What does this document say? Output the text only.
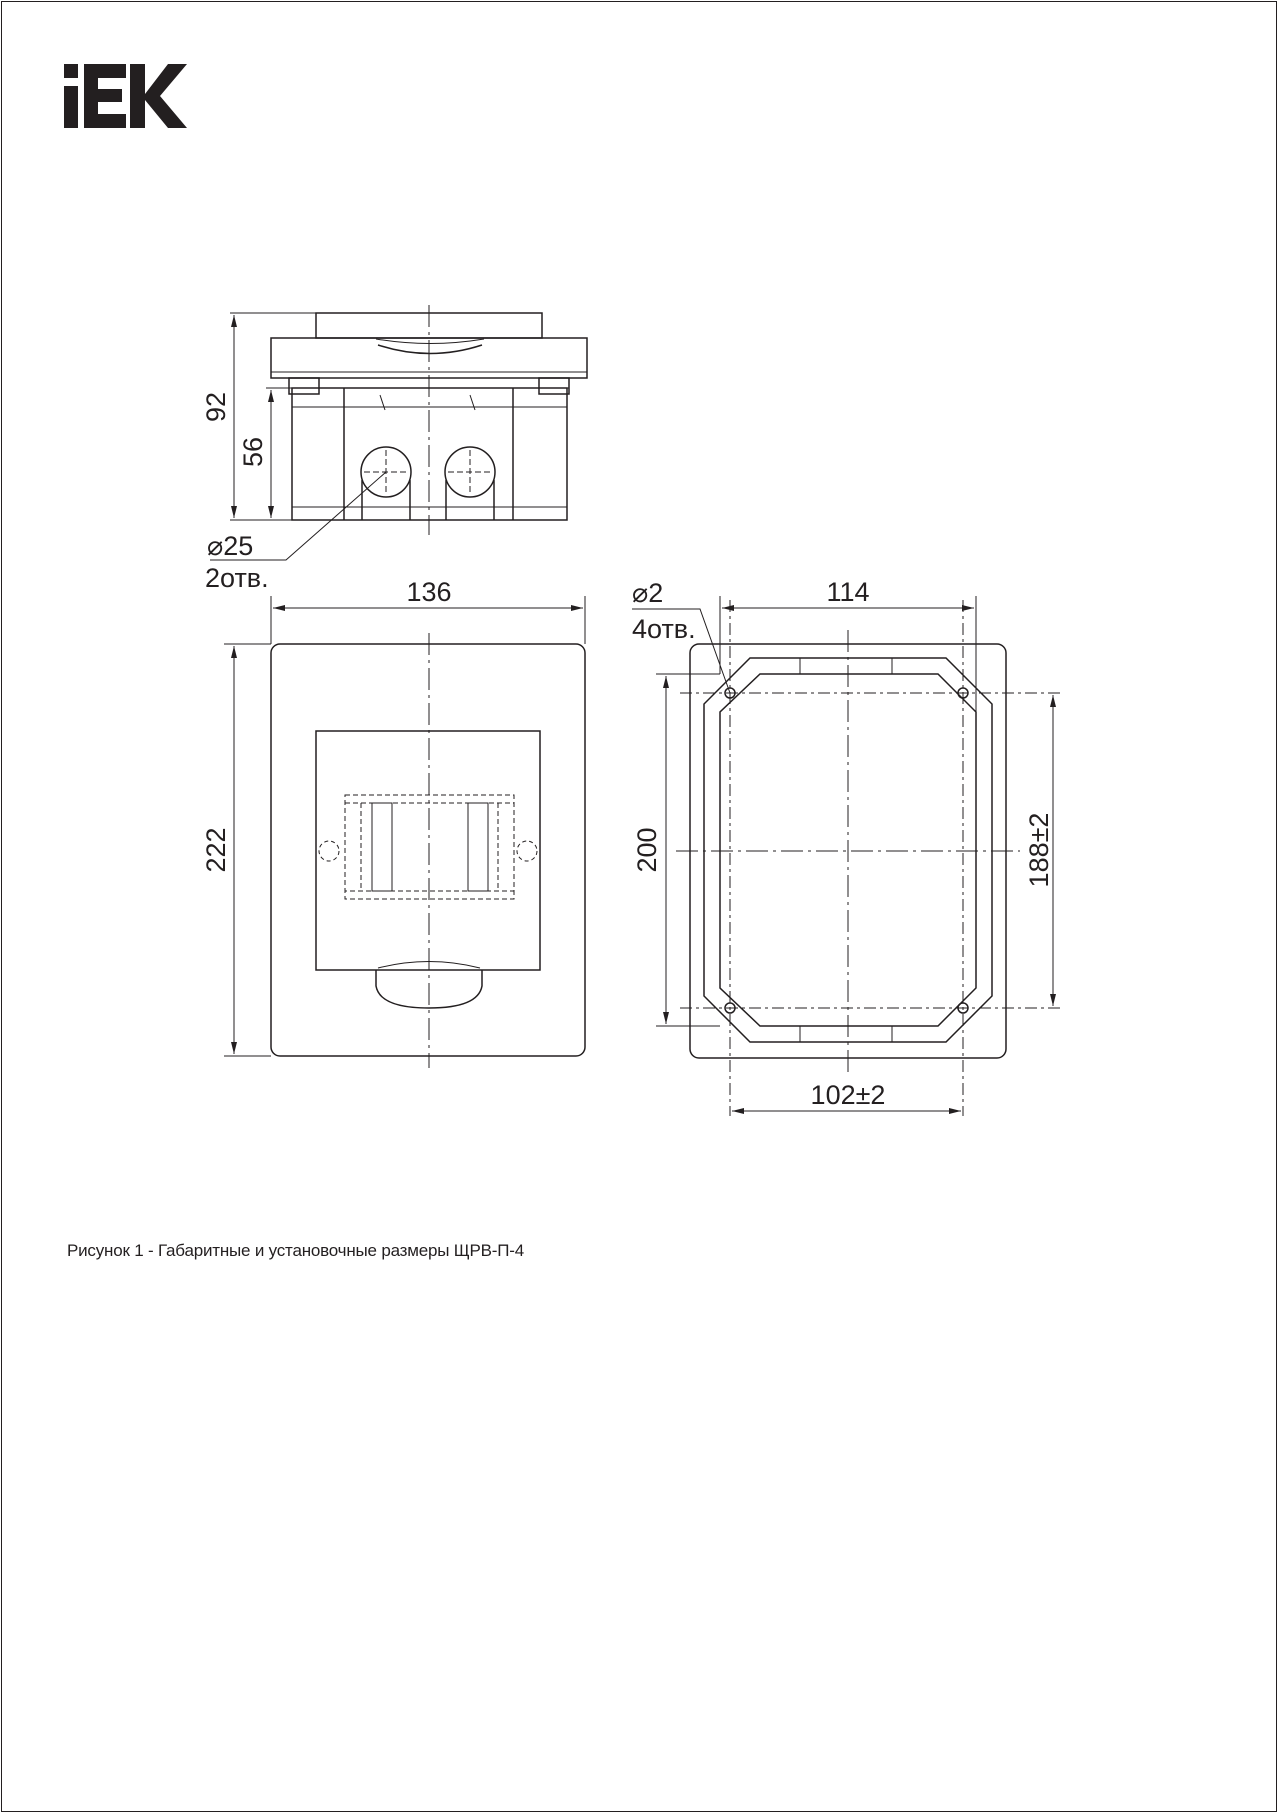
92
56
⌀25
2отв.	136
222
⌀2
4отв.
114
200	188±2
102±2
Рисунок 1 - Габаритные и установочные размеры ЩРВ-П-4
